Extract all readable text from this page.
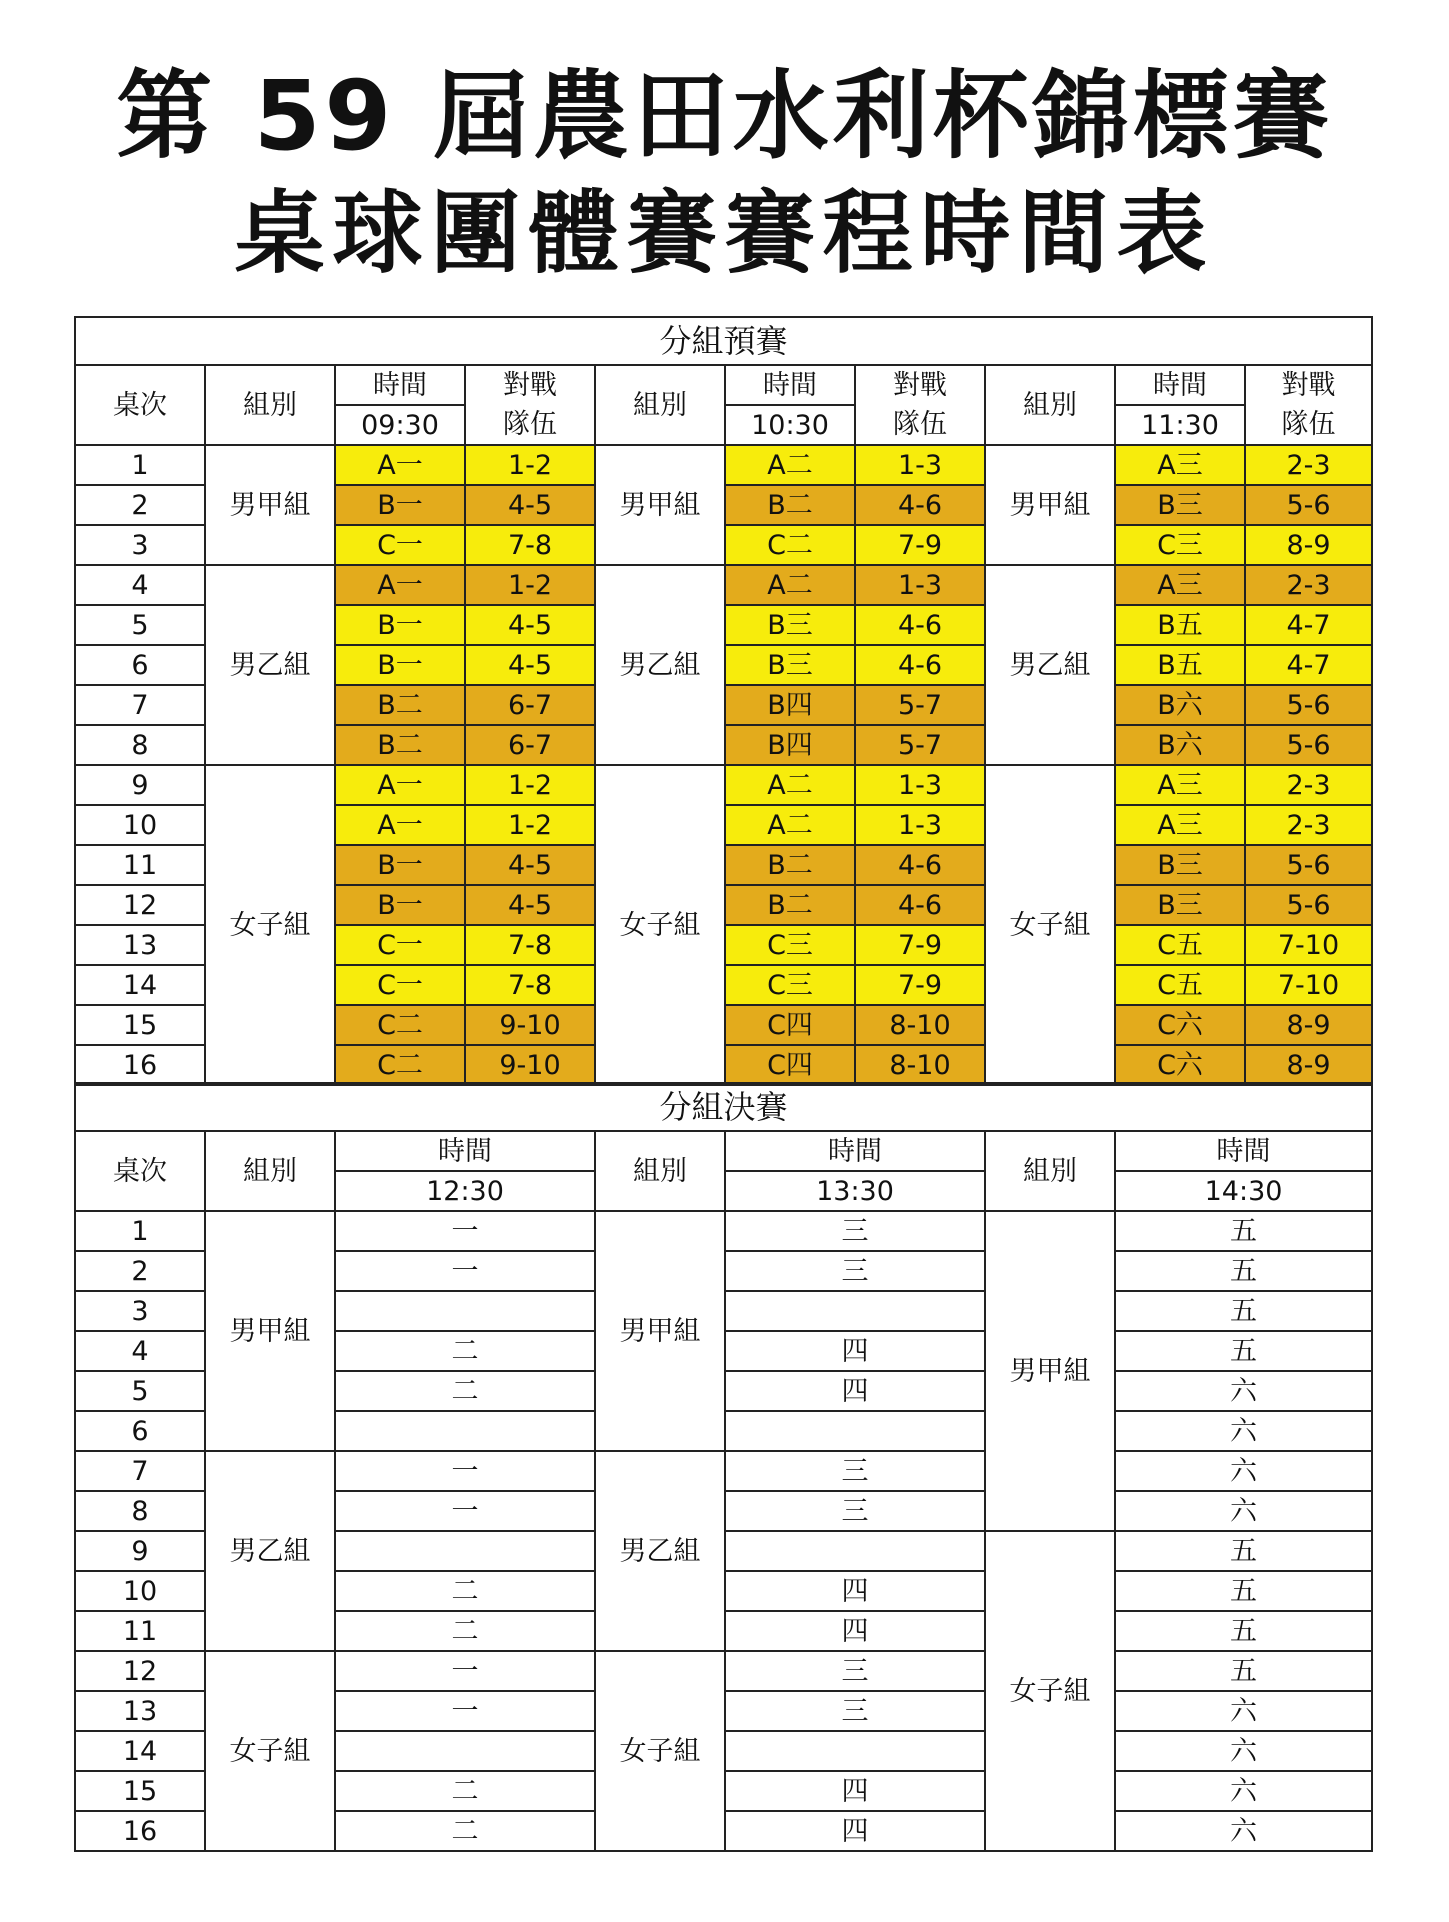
第 59 屆農田水利杯錦標賽
桌球團體賽賽程時間表
分組預賽									
桌次	組別	時間	對戰	組別	時間	對戰	組別	時間	對戰
		09:30	隊伍		10:30	隊伍		11:30	隊伍
1	男甲組	A一	1-2	男甲組	A二	1-3	男甲組	A三	2-3
2		B一	4-5		B二	4-6		B三	5-6
3		C一	7-8		C二	7-9		C三	8-9
4	男乙組	A一	1-2	男乙組	A二	1-3	男乙組	A三	2-3
5		B一	4-5		B三	4-6		B五	4-7
6		B一	4-5		B三	4-6		B五	4-7
7		B二	6-7		B四	5-7		B六	5-6
8		B二	6-7		B四	5-7		B六	5-6
9	女子組	A一	1-2	女子組	A二	1-3	女子組	A三	2-3
10		A一	1-2		A二	1-3		A三	2-3
11		B一	4-5		B二	4-6		B三	5-6
12		B一	4-5		B二	4-6		B三	5-6
13		C一	7-8		C三	7-9		C五	7-10
14		C一	7-8		C三	7-9		C五	7-10
15		C二	9-10		C四	8-10		C六	8-9
16		C二	9-10		C四	8-10		C六	8-9
分組決賽						
桌次	組別	時間	組別	時間	組別	時間
		12:30		13:30		14:30
1	男甲組	一	男甲組	三	男甲組	五
2		一		三		五
3						五
4		二		四		五
5		二		四		六
6						六
7	男乙組	一	男乙組	三		六
8		一		三		六
9					女子組	五
10		二		四		五
11		二		四		五
12	女子組	一	女子組	三		五
13		一		三		六
14						六
15		二		四		六
16		二		四		六
